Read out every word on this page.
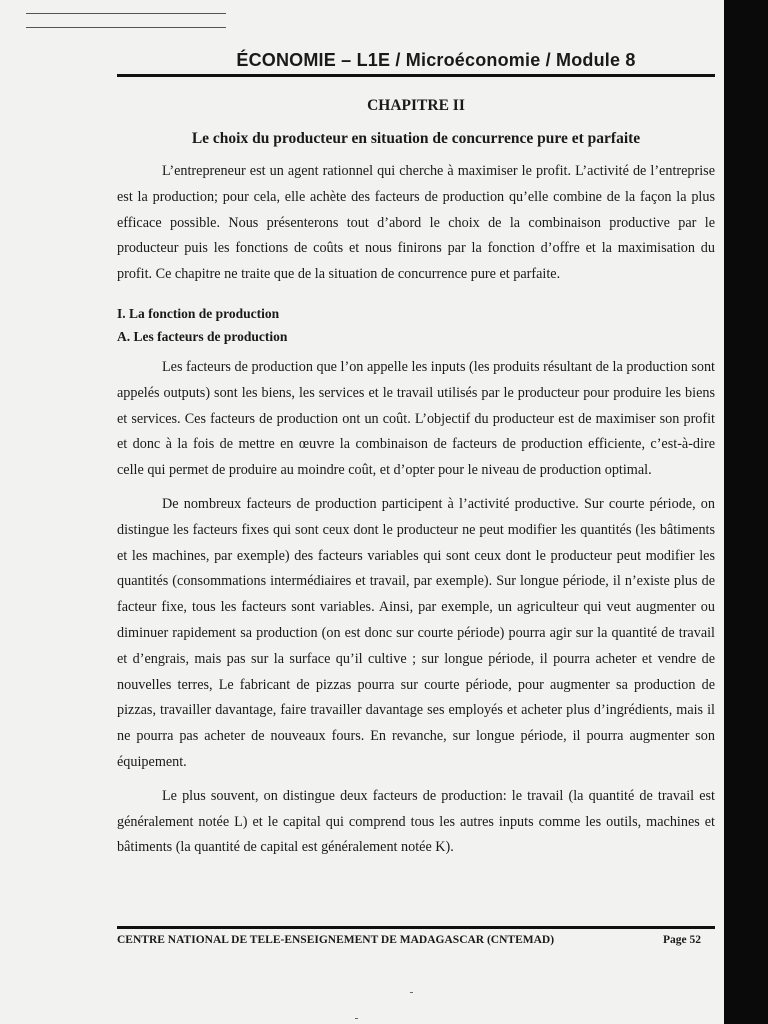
ÉCONOMIE – L1E / Microéconomie / Module 8
CHAPITRE II
Le choix du producteur en situation de concurrence pure et parfaite

L’entrepreneur est un agent rationnel qui cherche à maximiser le profit. L’activité de l’entreprise est la production; pour cela, elle achète des facteurs de production qu’elle combine de la façon la plus efficace possible. Nous présenterons tout d’abord le choix de la combinaison productive par le producteur puis les fonctions de coûts et nous finirons par la fonction d’offre et la maximisation du profit. Ce chapitre ne traite que de la situation de concurrence pure et parfaite.

I. La fonction de production
A. Les facteurs de production

Les facteurs de production que l’on appelle les inputs (les produits résultant de la production sont appelés outputs) sont les biens, les services et le travail utilisés par le producteur pour produire les biens et services. Ces facteurs de production ont un coût. L’objectif du producteur est de maximiser son profit et donc à la fois de mettre en œuvre la combinaison de facteurs de production efficiente, c’est-à-dire celle qui permet de produire au moindre coût, et d’opter pour le niveau de production optimal.

De nombreux facteurs de production participent à l’activité productive. Sur courte période, on distingue les facteurs fixes qui sont ceux dont le producteur ne peut modifier les quantités (les bâtiments et les machines, par exemple) des facteurs variables qui sont ceux dont le producteur peut modifier les quantités (consommations intermédiaires et travail, par exemple). Sur longue période, il n’existe plus de facteur fixe, tous les facteurs sont variables. Ainsi, par exemple, un agriculteur qui veut augmenter ou diminuer rapidement sa production (on est donc sur courte période) pourra agir sur la quantité de travail et d’engrais, mais pas sur la surface qu’il cultive ; sur longue période, il pourra acheter et vendre de nouvelles terres, Le fabricant de pizzas pourra sur courte période, pour augmenter sa production de pizzas, travailler davantage, faire travailler davantage ses employés et acheter plus d’ingrédients, mais il ne pourra pas acheter de nouveaux fours. En revanche, sur longue période, il pourra augmenter son équipement.

Le plus souvent, on distingue deux facteurs de production: le travail (la quantité de travail est généralement notée L) et le capital qui comprend tous les autres inputs comme les outils, machines et bâtiments (la quantité de capital est généralement notée K).

CENTRE NATIONAL DE TELE-ENSEIGNEMENT DE MADAGASCAR (CNTEMAD)	Page 52
